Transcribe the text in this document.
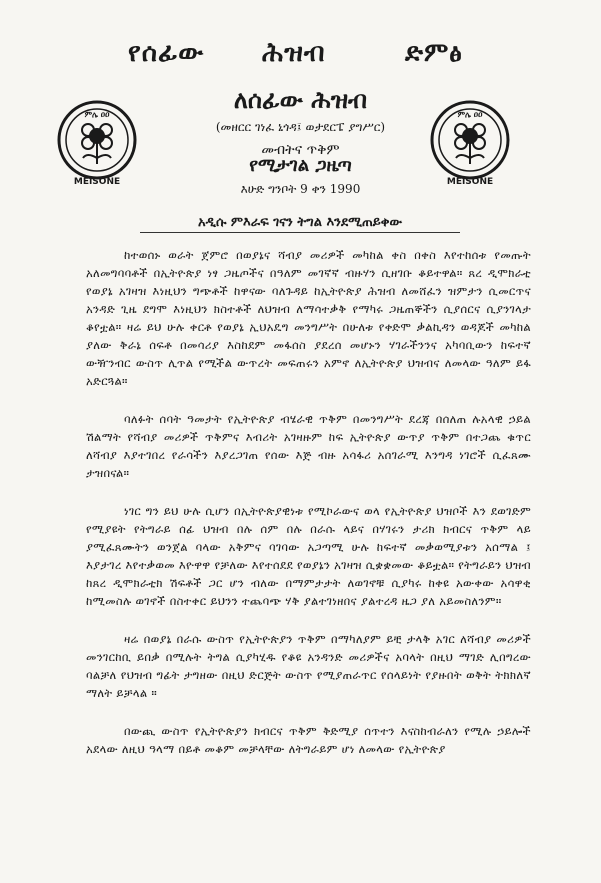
የሰፊው ሕዝብ	ድምፅ
ምሌ ዐዐ
MEISONE
ምሌ ዐዐ
MEISONE
ለሰፊው ሕዝብ
(መዘርር ገነፈ ኒጎዳ፤ ወታደርፔ ያግሥር)
መብትና ጥቅም
የሚታገል ጋዜጣ
እሁድ ግንቦት 9 ቀን 1990
አዲሱ ምእራፍ ገናን ትግል እንደሚጠይቀው

ከተወሰኑ ወራት ጀምሮ በወያኔና ሻብያ መሪዎች መካከል ቀስ በቀስ እየተከሰቱ የመጡት አለመግባባቶች በኢትዮጵያ ነፃ ጋዜጦችና በዓለም መገኛኛ ብዙሃን ሲዘገቡ ቆይተዋል። ጸረ ዲሞክራቲ የወያኔ አገዛዝ እነዚህን ግጭቶች ከዋናው ባለጉዳይ ከኢትዮጵያ ሕዝብ ለመሸፈን ዝምታን ሲመርጥና አንዳድ ጊዜ ደግሞ እነዚህን ክስተቶች ለህዝብ ለማሳተቃቅ የማካሩ ጋዜጠኞችን ሲያሰርና ሲያንገላታ ቆየቷል። ዛሬ ይህ ሁሉ ቀርቶ የወያኔ ኢህአዴግ መንግሥት በሁለቱ የቀድሞ ቃልኪዳን ወዳጆች መካከል ያለው ቅራኔ ሰፍቶ በመሳሪያ እስከደም መፋሰስ ያደረሰ መሆኑን ሃገራችንንና አካባቢውን ከፍተኛ ውዥንብር ውስጥ ሊጥል የሚችል ውጥረት መፍጠሩን አምኖ ለኢትዮጵያ ህዝብና ለመላው ዓለም ይፋ አድርጓል።

ባለፉት ሰባት ዓመታት የኢትዮጵያ ብሄራዊ ጥቅም በመንግሥት ደረጃ በሰለጠ ሉአላዊ ኃይል ሽልማት የሻብያ መሪዎች ጥቅምና እብሪት አገዛዙም ከፍ ኢትዮጵያ ውጥያ ጥቅም በተጋጨ ቁጥር ለሻብያ እያተገበረ የራሳችን እያረጋገጠ የሰው እጅ ብዙ አሳፋሪ አሰገራሚ እንግዳ ነገሮች ሲፈጸሙ ታዝበናል።

ነገር ግን ይህ ሁሉ ሲሆን በኢትዮጵያዊነቱ የሚኮራውና ወላ የኢትዮጵያ ህዝቦች እን ደወገድም የሚያዩት የትግራይ ሰፊ ህዝብ በሉ ሰም በሉ በራሱ ላይና በሃገሩን ታሪክ ክብርና ጥቅም ላይ ያሚፈጸሙትን ወንጀል ባላው አቅምና ባገባው አጋጣሚ ሁሉ ከፍተኛ መቃወሚያቱን አሰማል ፤ እያታገረ እየተቃወመ እዮዋዋ የቻለው እየተሰደደ የወያኔን አገዛዝ ሲቋቋመው ቆይቷል። የትግራይን ህዝብ ከጸረ ዲሞክራቲክ ሽፍቶች ጋር ሆን ብለው በማምታታት ለወገኖቹ ሲያካሩ ከቀዩ አውቀው አሳዋቂ ከሚመስሉ ወገኖች በስተቀር ይህንን ተጨባጭ ሃቅ ያልተገነዘበና ያልተረዳ ዜጋ ያለ አይመስለንም።

ዛሬ በወያኔ በራሱ ውስጥ የኢትዮጵያን ጥቅም በማካለያም ይቺ ታላቅ አገር ለሻብያ መሪዎች መንገርከቢ ይበቃ በሚሉት ትግል ሲያካሂዱ የቆዩ አንዳንድ መሪዎችና አባላት በዚህ ማገድ ሊበግረው ባልቻለ የህዝብ ግፊት ታግዘው በዚህ ድርጅት ውስጥ የሚያጠራጥር የሰላይነት የያዙበት ወቅት ትክክለኛ ማለት ይቻላል ።

በውጪ ውስጥ የኢትዮጵያን ክብርና ጥቅም ቅድሚያ ሰጥተን እናስከብራለን የሚሉ ኃይሎች አደላው ለዚህ ዓላማ በይቶ መቆም መቻላቸው ለትግራይም ሆነ ለመላው የኢትዮጵያ
